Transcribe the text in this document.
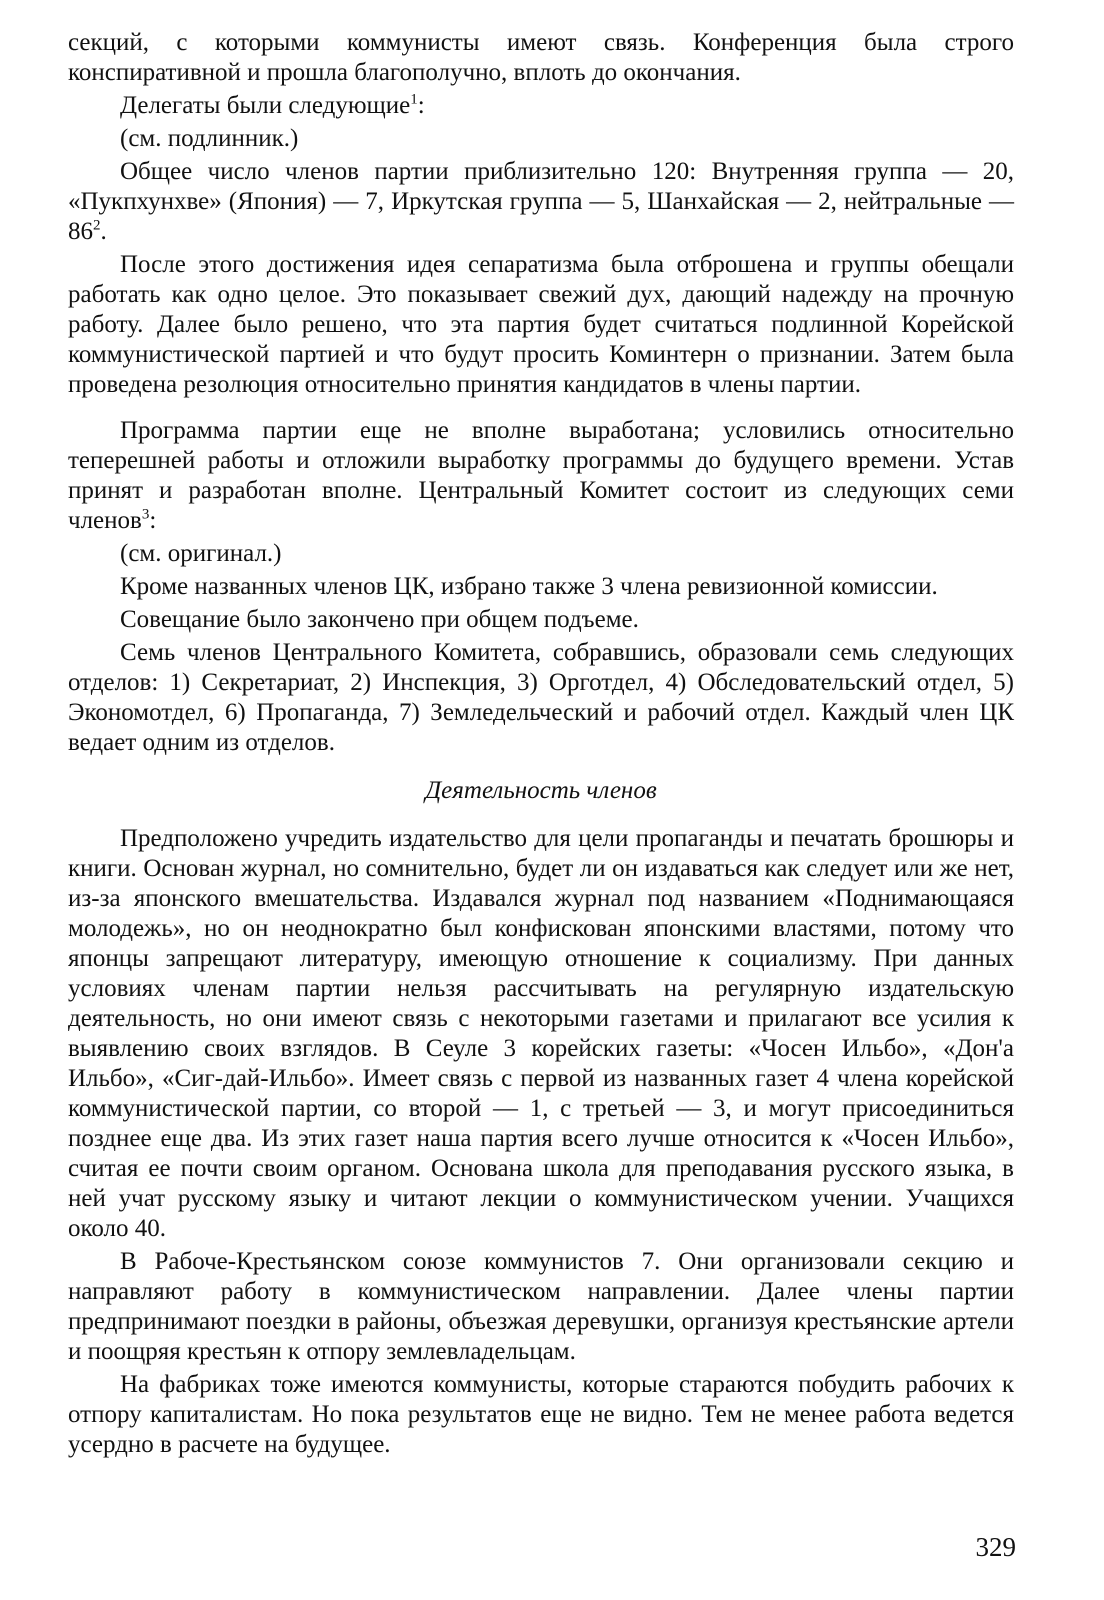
секций, с которыми коммунисты имеют связь. Конференция была строго конспиративной и прошла благополучно, вплоть до окончания.

Делегаты были следующие$^1$:

(см. подлинник.)

Общее число членов партии приблизительно 120: Внутренняя группа — 20, «Пукпхунхве» (Япония) — 7, Иркутская группа — 5, Шанхайская — 2, нейтральные — $86^2$.

После этого достижения идея сепаратизма была отброшена и группы обещали работать как одно целое. Это показывает свежий дух, дающий надежду на прочную работу. Далее было решено, что эта партия будет считаться подлинной Корейской коммунистической партией и что будут просить Коминтерн о признании. Затем была проведена резолюция относительно принятия кандидатов в члены партии.

Программа партии еще не вполне выработана; условились относительно теперешней работы и отложили выработку программы до будущего времени. Устав принят и разработан вполне. Центральный Комитет состоит из следующих семи членов$^3$:

(см. оригинал.)

Кроме названных членов ЦК, избрано также 3 члена ревизионной комиссии.

Совещание было закончено при общем подъеме.

Семь членов Центрального Комитета, собравшись, образовали семь следующих отделов: 1) Секретариат, 2) Инспекция, 3) Орготдел, 4) Обследовательский отдел, 5) Экономотдел, 6) Пропаганда, 7) Земледельческий и рабочий отдел. Каждый член ЦК ведает одним из отделов.

Деятельность членов

Предположено учредить издательство для цели пропаганды и печатать брошюры и книги. Основан журнал, но сомнительно, будет ли он издаваться как следует или же нет, из-за японского вмешательства. Издавался журнал под названием «Поднимающаяся молодежь», но он неоднократно был конфискован японскими властями, потому что японцы запрещают литературу, имеющую отношение к социализму. При данных условиях членам партии нельзя рассчитывать на регулярную издательскую деятельность, но они имеют связь с некоторыми газетами и прилагают все усилия к выявлению своих взглядов. В Сеуле 3 корейских газеты: «Чосен Ильбо», «Дон'а Ильбо», «Сиг-дай-Ильбо». Имеет связь с первой из названных газет 4 члена корейской коммунистической партии, со второй — 1, с третьей — 3, и могут присоединиться позднее еще два. Из этих газет наша партия всего лучше относится к «Чосен Ильбо», считая ее почти своим органом. Основана школа для преподавания русского языка, в ней учат русскому языку и читают лекции о коммунистическом учении. Учащихся около 40.

В Рабоче-Крестьянском союзе коммунистов 7. Они организовали секцию и направляют работу в коммунистическом направлении. Далее члены партии предпринимают поездки в районы, объезжая деревушки, организуя крестьянские артели и поощряя крестьян к отпору землевладельцам.

На фабриках тоже имеются коммунисты, которые стараются побудить рабочих к отпору капиталистам. Но пока результатов еще не видно. Тем не менее работа ведется усердно в расчете на будущее.

329
